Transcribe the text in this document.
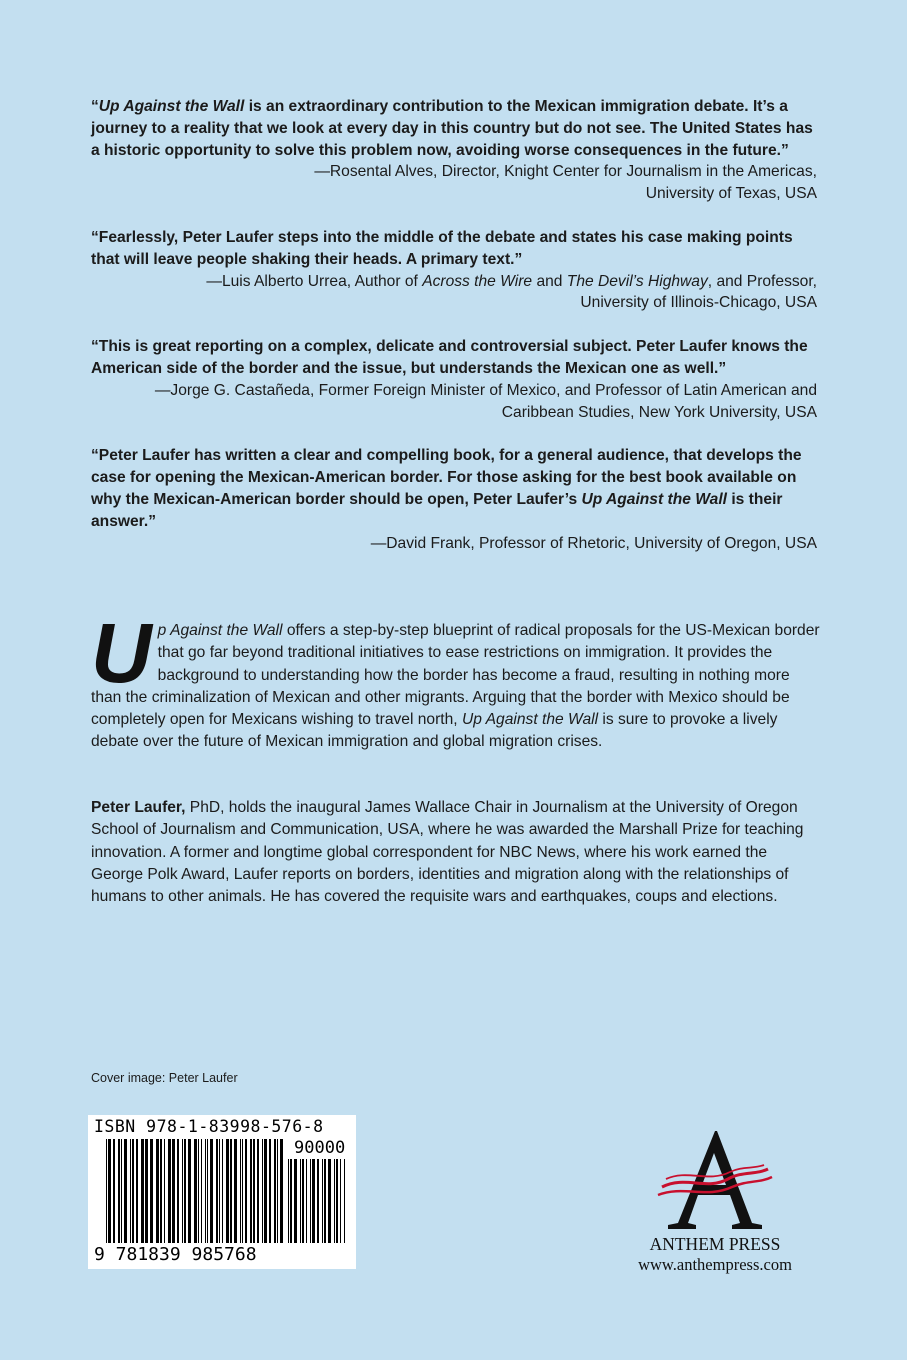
“Up Against the Wall is an extraordinary contribution to the Mexican immigration debate. It’s a journey to a reality that we look at every day in this country but do not see. The United States has a historic opportunity to solve this problem now, avoiding worse consequences in the future.”

—Rosental Alves, Director, Knight Center for Journalism in the Americas,
University of Texas, USA

“Fearlessly, Peter Laufer steps into the middle of the debate and states his case making points that will leave people shaking their heads. A primary text.”

—Luis Alberto Urrea, Author of Across the Wire and The Devil’s Highway, and Professor,
University of Illinois-Chicago, USA

“This is great reporting on a complex, delicate and controversial subject. Peter Laufer knows the American side of the border and the issue, but understands the Mexican one as well.”

—Jorge G. Castañeda, Former Foreign Minister of Mexico, and Professor of Latin American and
Caribbean Studies, New York University, USA

“Peter Laufer has written a clear and compelling book, for a general audience, that develops the case for opening the Mexican-American border. For those asking for the best book available on why the Mexican-American border should be open, Peter Laufer’s Up Against the Wall is their answer.”

—David Frank, Professor of Rhetoric, University of Oregon, USA

Up Against the Wall offers a step-by-step blueprint of radical proposals for the US-Mexican border that go far beyond traditional initiatives to ease restrictions on immigration. It provides the background to understanding how the border has become a fraud, resulting in nothing more than the criminalization of Mexican and other migrants. Arguing that the border with Mexico should be completely open for Mexicans wishing to travel north, Up Against the Wall is sure to provoke a lively debate over the future of Mexican immigration and global migration crises.

Peter Laufer, PhD, holds the inaugural James Wallace Chair in Journalism at the University of Oregon School of Journalism and Communication, USA, where he was awarded the Marshall Prize for teaching innovation. A former and longtime global correspondent for NBC News, where his work earned the George Polk Award, Laufer reports on borders, identities and migration along with the relationships of humans to other animals. He has covered the requisite wars and earthquakes, coups and elections.

Cover image: Peter Laufer
ISBN 978-1-83998-576-8
90000
9 781839 985768	ANTHEM PRESS
www.anthempress.com
